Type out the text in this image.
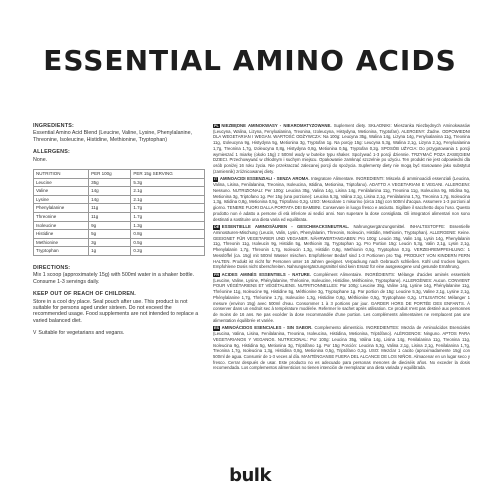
ESSENTIAL AMINO ACIDS
INGREDIENTS:
Essential Amino Acid Blend (Leucine, Valine, Lysine, Phenylalanine, Threonine, Isoleucine, Histidine, Methionine, Tryptophan)
ALLERGENS:
None.
NUTRITION	PER 100g	PER 15g SERVING
Leucine	35g	5.3g
Valine	14g	2.1g
Lysine	14g	2.1g
Phenylalanine	11g	1.7g
Threonine	11g	1.7g
Isoleucine	9g	1.3g
Histidine	5g	0.8g
Methionine	3g	0.5g
Tryptophan	1g	0.2g
DIRECTIONS:
Mix 1 scoop (approximately 15g) with 500ml water in a shaker bottle. Consume 1-3 servings daily.
KEEP OUT OF REACH OF CHILDREN.
Store in a cool dry place. Seal pouch after use. This product is not suitable for persons aged under sixteen. Do not exceed the recommended usage. Food supplements are not intended to replace a varied balanced diet.
V Suitable for vegetarians and vegans.

PL NIEZBĘDNE AMINOKWASY - NIEAROMATYZOWANE. Suplement diety. SKŁADNIKI: Mieszanka Niezbędnych Aminokwasów (Leucyna, Walina, Lizyna, Fenyloalanina, Treonina, Izoleucyna, Histydyna, Metionina, Tryptofan). ALERGENY: Żadne. ODPOWIEDNI DLA WEGETARIAN I WEGAN. WARTOŚĆ ODŻYWCZA: Na 100g: Leucyna 35g, Walina 14g, Lizyna 14g, Fenyloalanina 11g, Treonina 11g, Izoleucyna 9g, Histydyna 5g, Metionina 3g, Tryptofan 1g. Na porcję 15g: Leucyna 5,3g, Walina 2,1g, Lizyna 2,1g, Fenyloalanina 1,7g, Treonina 1,7g, Izoleucyna 0,8g, Histydyna 0,8g, Metionina 0,5g, Tryptofan 0,2g. SPOSÓB UŻYCIA: Do przygotowania 1 porcji wymieszać 1 miarkę (około 15g) z 500ml wody w butelce typu shaker. Spożywać 1-3 porcji dziennie. TRZYMAĆ POZA ZASIĘGIEM DZIECI. Przechowywać w chłodnym i suchym miejscu. Opakowanie zamknąć szczelnie po użyciu. Ten produkt nie jest odpowiedni dla osób poniżej 16 roku życia. Nie przekraczać zalecanej porcji do spożycia. Suplementy diety nie mogą być stosowane jako substytut (zamiennik) zróżnicowanej diety.

IT AMINOACIDI ESSENZIALI - SENZA AROMA. Integratore Alimentare. INGREDIENTI: Miscela di amminoacidi essenziali (Leucina, Valina, Lisina, Fenilalanina, Treonina, Isoleucina, Istidina, Metionina, Triptofano). ADATTO A VEGETARIANI E VEGANI. ALLERGENI: Nessuno. NUTRIZIONALI: Per 100g: Leucina 35g, Valina 14g, Lisina 14g, Fenilalanina 11g, Treonina 11g, Isoleucina 9g, Istidina 5g, Metionina 3g, Triptofano 1g. Per 15g (una porzione): Leucina 5,3g, Valina 2,1g, Lisina 2,1g, Fenilalanina 1,7g, Treonina 1,7g, Isoleucina 1,3g, Istidina 0,8g, Metionina 0,5g, Triptofano 0,2g. USO: Mescolare 1 misurino (circa 15g) con 500ml d'acqua. Assumere 1-3 porzioni al giorno. TENERE FUORI DALLA PORTATA DEI BAMBINI. Conservare in luogo fresco e asciutto. Sigillare il sacchetto dopo l'uso. Questo prodotto non è adatto a persone di età inferiore ai sedici anni. Non superare la dose consigliata. Gli integratori alimentari non sono destinati a sostituire una dieta varia ed equilibrata.

DE ESSENTIELLE AMINOSÄUREN - GESCHMACKSNEUTRAL. Nahrungsergänzungsmittel. INHALTSSTOFFE: Essentielle Aminosäuren-Mischung (Leucin, Valin, Lysin, Phenylalanin, Threonin, Isoleucin, Histidin, Methionin, Tryptophan). ALLERGENE: Keine. GEEIGNET FÜR VEGETARIER UND VEGANER. NÄHRWERTANGABEN: Pro 100g: Leucin 35g, Valin 14g, Lysin 14g, Phenylalanin 11g, Threonin 11g, Isoleucin 9g, Histidin 5g, Methionin 3g, Tryptophan 1g. Pro Portion 15g: Leucin 5,3g, Valin 2,1g, Lysin 2,1g, Phenylalanin 1,7g, Threonin 1,7g, Isoleucin 1,3g, Histidin 0,8g, Methionin 0,5g, Tryptophan 0,2g. VERZEHREMPFEHLUNG: 1 Messlöffel (ca. 15g) mit 500ml Wasser mischen. Empfohlener Bedarf sind 1-3 Portionen pro Tag. PRODUKT VON KINDERN FERN HALTEN. Produkt ist nicht für Personen unter 16 Jahren geeignet. Verpackung nach Gebrauch schließen. Kühl und trocken lagern. Empfohlene Dosis nicht überschreiten. Nahrungsergänzungsmittel sind kein Ersatz für eine ausgewogene und gesunde Ernährung.

FR ACIDES AMINÉS ESSENTIELS - NATURE. Complément Alimentaire. INGRÉDIENTS: Mélange d'acides aminés essentiels (Leucine, Valine, Lysine, Phénylalanine, Thréonine, Isoleucine, Histidine, Méthionine, Tryptophane). ALLERGÈNES: Aucun. CONVIENT POUR VÉGÉTARIENS ET VÉGÉTALIENS. NUTRITIONNELLES: Par 100g: Leucine 35g, Valine 14g, Lysine 14g, Phénylalanine 11g, Thréonine 11g, Isoleucine 9g, Histidine 5g, Méthionine 3g, Tryptophane 1g. Par portion de 15g: Leucine 5,3g, Valine 2,1g, Lysine 2,1g, Phénylalanine 1,7g, Thréonine 1,7g, Isoleucine 1,3g, Histidine 0,8g, Méthionine 0,5g, Tryptophane 0,2g. UTILISATION: Mélanger 1 mesure (environ 15g) avec 500ml d'eau. Consommer 1 à 3 portions par jour. GARDER HORS DE PORTÉE DES ENFANTS. À conserver dans un endroit sec à température modérée. Refermer le sachet après utilisation. Ce produit n'est pas destiné aux personnes de moins de 16 ans. Ne pas excéder la dose recommandée d'une portion. Les compléments alimentaires ne remplacent pas une alimentation équilibrée et variée.

ES AMINOÁCIDOS ESENCIALES - SIN SABOR. Complemento alimenticio. INGREDIENTES: Mezcla de Aminoácidos Esenciales (Leucina, Valina, Lisina, Fenilalanina, Treonina, Isoleucina, Histidina, Metionina, Triptófano). ALÉRGENOS: Ninguno. APTOS PARA VEGETARIANOS Y VEGANOS. NUTRICIONAL: Por 100g: Leucina 35g, Valina 14g, Lisina 14g, Fenilalanina 11g, Treonina 11g, Isoleucina 9g, Histidina 5g, Metionina 3g, Triptófano 1g. Por 15g Porción: Leucina 5,3g, Valina 2,1g, Lisina 2,1g, Fenilalanina 1,7g, Treonina 1,7g, Isoleucina 1,3g, Histidina 0,8g, Metionina 0,5g, Triptófano 0,2g. USO: Mezclar 1 cacito (aproximadamente 15g) con 500ml de agua. Consumir de 1-3 veces al día. MANTÉNGANSE FUERA DEL ALCANCE DE LOS NIÑOS. Almacenar en un lugar seco y fresco. Cerrar después de usar. Este producto no es adecuado para personas menores de dieciséis años. No exceder la dosis recomendada. Los complementos alimenticios no tienen intención de reemplazar una dieta variada y equilibrada.

bulk
